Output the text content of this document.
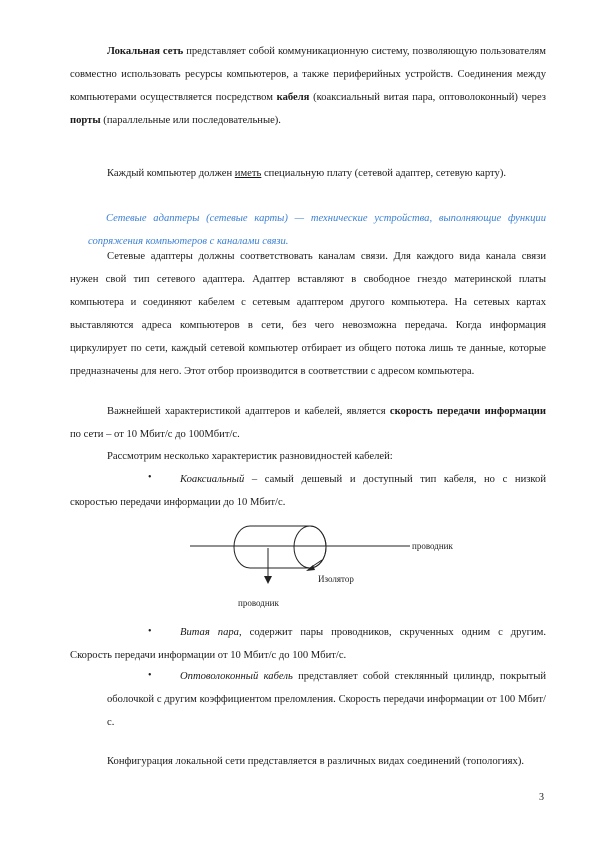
Локальная сеть представляет собой коммуникационную систему, позволяющую пользователям совместно использовать ресурсы компьютеров, а также периферийных устройств. Соединения между компьютерами осуществляется посредством кабеля (коаксиальный витая пара, оптоволоконный) через порты (параллельные или последовательные).

Каждый компьютер должен иметь специальную плату (сетевой адаптер, сетевую карту).

Сетевые адаптеры (сетевые карты) — технические устройства, выполняющие функции сопряжения компьютеров с каналами связи.

Сетевые адаптеры должны соответствовать каналам связи. Для каждого вида канала связи нужен свой тип сетевого адаптера. Адаптер вставляют в свободное гнездо материнской платы компьютера и соединяют кабелем с сетевым адаптером другого компьютера. На сетевых картах выставляются адреса компьютеров в сети, без чего невозможна передача. Когда информация циркулирует по сети, каждый сетевой компьютер отбирает из общего потока лишь те данные, которые предназначены для него. Этот отбор производится в соответствии с адресом компьютера.

Важнейшей характеристикой адаптеров и кабелей, является скорость передачи информации по сети – от 10 Мбит/с до 100Мбит/с.

Рассмотрим несколько характеристик разновидностей кабелей:

•	Коаксиальный – самый дешевый и доступный тип кабеля, но с низкой скоростью передачи информации до 10 Мбит/с.

проводник
Изолятор
проводник
•	Витая пара, содержит пары проводников, скрученных одним с другим. Скорость передачи информации от 10 Мбит/с до 100 Мбит/с.

•	Оптоволоконный кабель представляет собой стеклянный цилиндр, покрытый оболочкой с другим коэффициентом преломления. Скорость передачи информации от 100 Мбит/с.

Конфигурация локальной сети представляется в различных видах соединений (топологиях).

3
